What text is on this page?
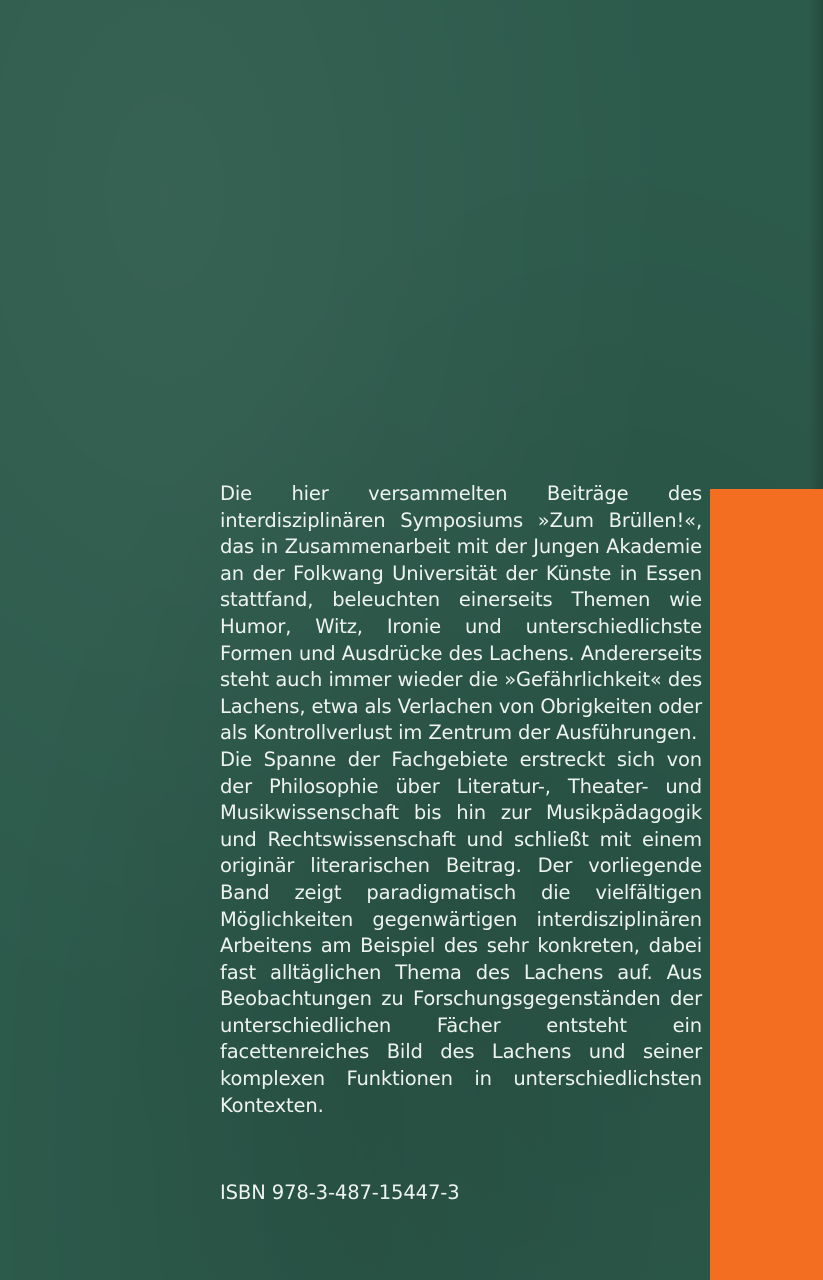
Die hier versammelten Beiträge des interdisziplinären Symposiums »Zum Brüllen!«, das in Zusammenarbeit mit der Jungen Akademie an der Folkwang Universität der Künste in Essen stattfand, beleuchten einerseits Themen wie Humor, Witz, Ironie und unterschiedlichste Formen und Ausdrücke des Lachens. Andererseits steht auch immer wieder die »Gefährlichkeit« des Lachens, etwa als Verlachen von Obrigkeiten oder als Kontrollverlust im Zentrum der Ausführungen.

Die Spanne der Fachgebiete erstreckt sich von der Philosophie über Literatur-, Theater- und Musikwissenschaft bis hin zur Musikpädagogik und Rechtswissenschaft und schließt mit einem originär literarischen Beitrag. Der vorliegende Band zeigt paradigmatisch die vielfältigen Möglichkeiten gegenwärtigen interdisziplinären Arbeitens am Beispiel des sehr konkreten, dabei fast alltäglichen Thema des Lachens auf. Aus Beobachtungen zu Forschungsgegenständen der unterschiedlichen Fächer entsteht ein facettenreiches Bild des Lachens und seiner komplexen Funktionen in unterschiedlichsten Kontexten.

ISBN 978-3-487-15447-3
